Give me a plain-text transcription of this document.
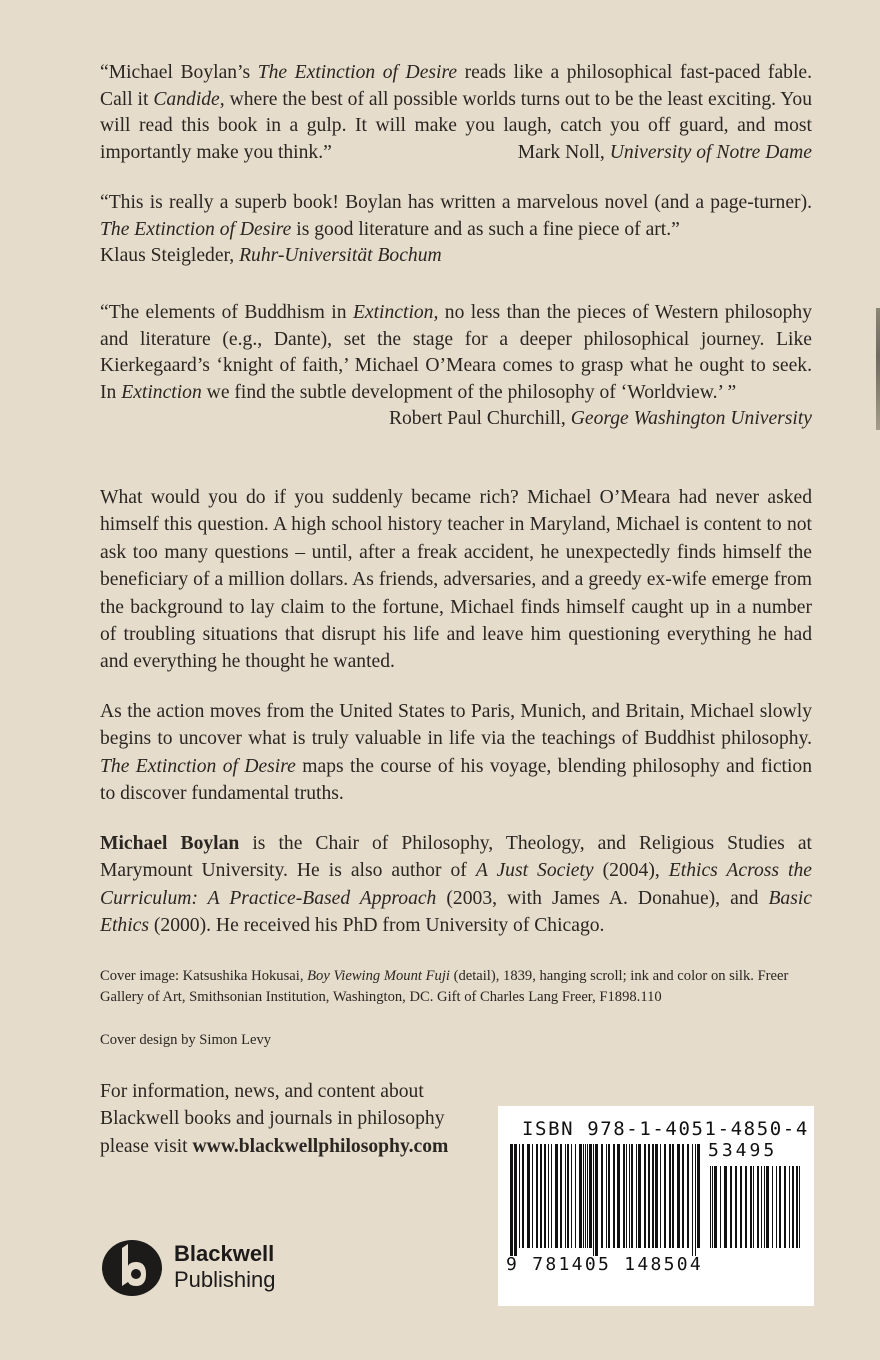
“Michael Boylan’s The Extinction of Desire reads like a philosophical fast-paced fable. Call it Candide, where the best of all possible worlds turns out to be the least exciting. You will read this book in a gulp. It will make you laugh, catch you off guard, and most importantly make you think.”	Mark Noll, University of Notre Dame
“This is really a superb book! Boylan has written a marvelous novel (and a page-turner). The Extinction of Desire is good literature and as such a fine piece of art.”
Klaus Steigleder, Ruhr-Universität Bochum
“The elements of Buddhism in Extinction, no less than the pieces of Western philosophy and literature (e.g., Dante), set the stage for a deeper philosophical journey. Like Kierkegaard’s ‘knight of faith,’ Michael O’Meara comes to grasp what he ought to seek. In Extinction we find the subtle development of the philosophy of ‘Worldview.’ ”
Robert Paul Churchill, George Washington University
What would you do if you suddenly became rich? Michael O’Meara had never asked himself this question. A high school history teacher in Maryland, Michael is content to not ask too many questions – until, after a freak accident, he unexpectedly finds himself the beneficiary of a million dollars. As friends, adversaries, and a greedy ex-wife emerge from the background to lay claim to the fortune, Michael finds himself caught up in a number of troubling situations that disrupt his life and leave him questioning everything he had and everything he thought he wanted.
As the action moves from the United States to Paris, Munich, and Britain, Michael slowly begins to uncover what is truly valuable in life via the teachings of Buddhist philosophy. The Extinction of Desire maps the course of his voyage, blending philosophy and fiction to discover fundamental truths.
Michael Boylan is the Chair of Philosophy, Theology, and Religious Studies at Marymount University. He is also author of A Just Society (2004), Ethics Across the Curriculum: A Practice-Based Approach (2003, with James A. Donahue), and Basic Ethics (2000). He received his PhD from University of Chicago.
Cover image: Katsushika Hokusai, Boy Viewing Mount Fuji (detail), 1839, hanging scroll; ink and color on silk. Freer Gallery of Art, Smithsonian Institution, Washington, DC. Gift of Charles Lang Freer, F1898.110
Cover design by Simon Levy
For information, news, and content about
Blackwell books and journals in philosophy
please visit www.blackwellphilosophy.com
ISBN 978-1-4051-4850-4
53495
9 781405 148504
Blackwell
Publishing
